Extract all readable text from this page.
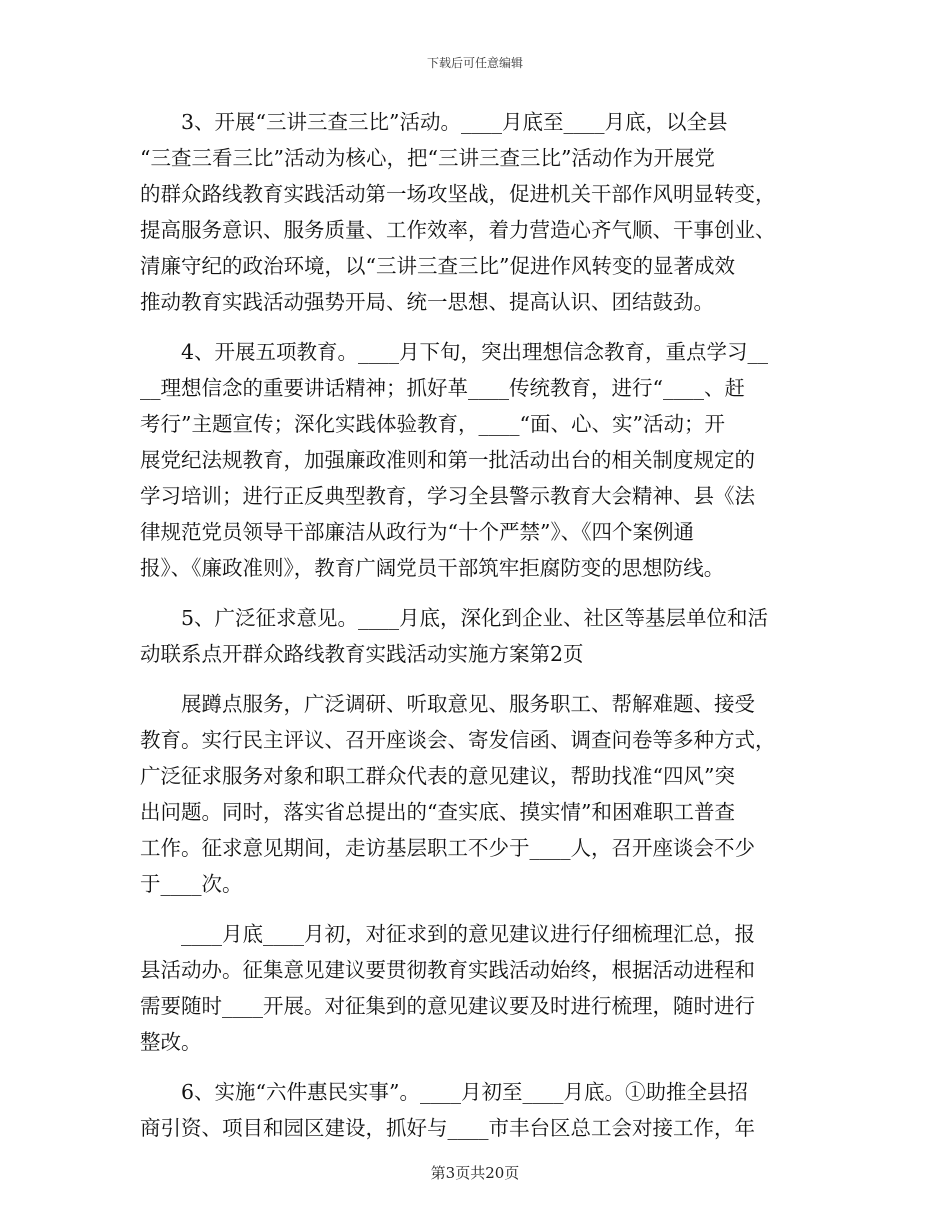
下载后可任意编辑
　　3、开展“三讲三查三比”活动。____月底至____月底，以全县
“三查三看三比”活动为核心，把“三讲三查三比”活动作为开展党
的群众路线教育实践活动第一场攻坚战，促进机关干部作风明显转变，
提高服务意识、服务质量、工作效率，着力营造心齐气顺、干事创业、
清廉守纪的政治环境，以“三讲三查三比”促进作风转变的显著成效
推动教育实践活动强势开局、统一思想、提高认识、团结鼓劲。
　　4、开展五项教育。____月下旬，突出理想信念教育，重点学习__
__理想信念的重要讲话精神；抓好革____传统教育，进行“____、赶
考行”主题宣传；深化实践体验教育，____“面、心、实”活动；开
展党纪法规教育，加强廉政准则和第一批活动出台的相关制度规定的
学习培训；进行正反典型教育，学习全县警示教育大会精神、县《法
律规范党员领导干部廉洁从政行为“十个严禁”》、《四个案例通
报》、《廉政准则》，教育广阔党员干部筑牢拒腐防变的思想防线。
　　5、广泛征求意见。____月底，深化到企业、社区等基层单位和活
动联系点开群众路线教育实践活动实施方案第2页
　　展蹲点服务，广泛调研、听取意见、服务职工、帮解难题、接受
教育。实行民主评议、召开座谈会、寄发信函、调查问卷等多种方式，
广泛征求服务对象和职工群众代表的意见建议，帮助找准“四风”突
出问题。同时，落实省总提出的“查实底、摸实情”和困难职工普查
工作。征求意见期间，走访基层职工不少于____人，召开座谈会不少
于____次。
　　____月底____月初，对征求到的意见建议进行仔细梳理汇总，报
县活动办。征集意见建议要贯彻教育实践活动始终，根据活动进程和
需要随时____开展。对征集到的意见建议要及时进行梳理，随时进行
整改。
　　6、实施“六件惠民实事”。____月初至____月底。①助推全县招
商引资、项目和园区建设，抓好与____市丰台区总工会对接工作，年
第3页共20页
